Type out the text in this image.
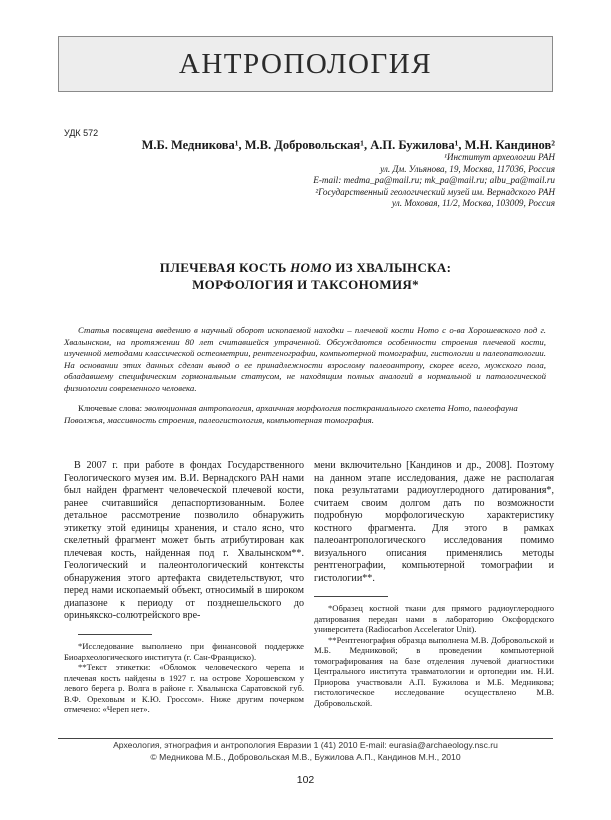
АНТРОПОЛОГИЯ
УДК 572
М.Б. Медникова¹, М.В. Добровольская¹, А.П. Бужилова¹, М.Н. Кандинов²
¹Институт археологии РАН
ул. Дм. Ульянова, 19, Москва, 117036, Россия
E-mail: medma_pa@mail.ru; mk_pa@mail.ru; albu_pa@mail.ru
²Государственный геологический музей им. Вернадского РАН
ул. Моховая, 11/2, Москва, 103009, Россия
ПЛЕЧЕВАЯ КОСТЬ HOMO ИЗ ХВАЛЫНСКА:
МОРФОЛОГИЯ И ТАКСОНОМИЯ*
Статья посвящена введению в научный оборот ископаемой находки – плечевой кости Homo с о-ва Хорошевского под г. Хвалынском, на протяжении 80 лет считавшейся утраченной. Обсуждаются особенности строения плечевой кости, изученной методами классической остеометрии, рентгенографии, компьютерной томографии, гистологии и палеопатологии. На основании этих данных сделан вывод о ее принадлежности взрослому палеоантропу, скорее всего, мужского пола, обладавшему специфическим гормональным статусом, не находящим полных аналогий в нормальной и патологической физиологии современного человека.
Ключевые слова: эволюционная антропология, архаичная морфология посткраниального скелета Homo, палеофауна Поволжья, массивность строения, палеогистология, компьютерная томография.
В 2007 г. при работе в фондах Государственного Геологического музея им. В.И. Вернадского РАН нами был найден фрагмент человеческой плечевой кости, ранее считавшийся депаспортизованным. Более детальное рассмотрение позволило обнаружить этикетку этой единицы хранения, и стало ясно, что скелетный фрагмент может быть атрибутирован как плечевая кость, найденная под г. Хвалынском**. Геологический и палеонтологический контексты обнаружения этого артефакта свидетельствуют, что перед нами ископаемый объект, относимый в широком диапазоне к периоду от позднешельского до ориньякско-солютрейского вре-
мени включительно [Кандинов и др., 2008]. Поэтому на данном этапе исследования, даже не располагая пока результатами радиоуглеродного датирования*, считаем своим долгом дать по возможности подробную морфологическую характеристику костного фрагмента. Для этого в рамках палеоантропологического исследования помимо визуального описания применялись методы рентгенографии, компьютерной томографии и гистологии**.
*Исследование выполнено при финансовой поддержке Биоархеологического института (г. Сан-Франциско).
**Текст этикетки: «Обломок человеческого черепа и плечевая кость найдены в 1927 г. на острове Хорошевском у левого берега р. Волга в районе г. Хвалынска Саратовской губ. В.Ф. Ореховым и К.Ю. Гроссом». Ниже другим почерком отмечено: «Череп нет».
*Образец костной ткани для прямого радиоуглеродного датирования передан нами в лабораторию Оксфордского университета (Radiocarbon Accelerator Unit).
**Рентгенография образца выполнена М.В. Добровольской и М.Б. Медниковой; в проведении компьютерной томографирования на базе отделения лучевой диагностики Центрального института травматологии и ортопедии им. Н.И. Приорова участвовали А.П. Бужилова и М.Б. Медникова; гистологическое исследование осуществлено М.В. Добровольской.
Археология, этнография и антропология Евразии 1 (41) 2010 E-mail: eurasia@archaeology.nsc.ru
© Медникова М.Б., Добровольская М.В., Бужилова А.П., Кандинов М.Н., 2010
102
